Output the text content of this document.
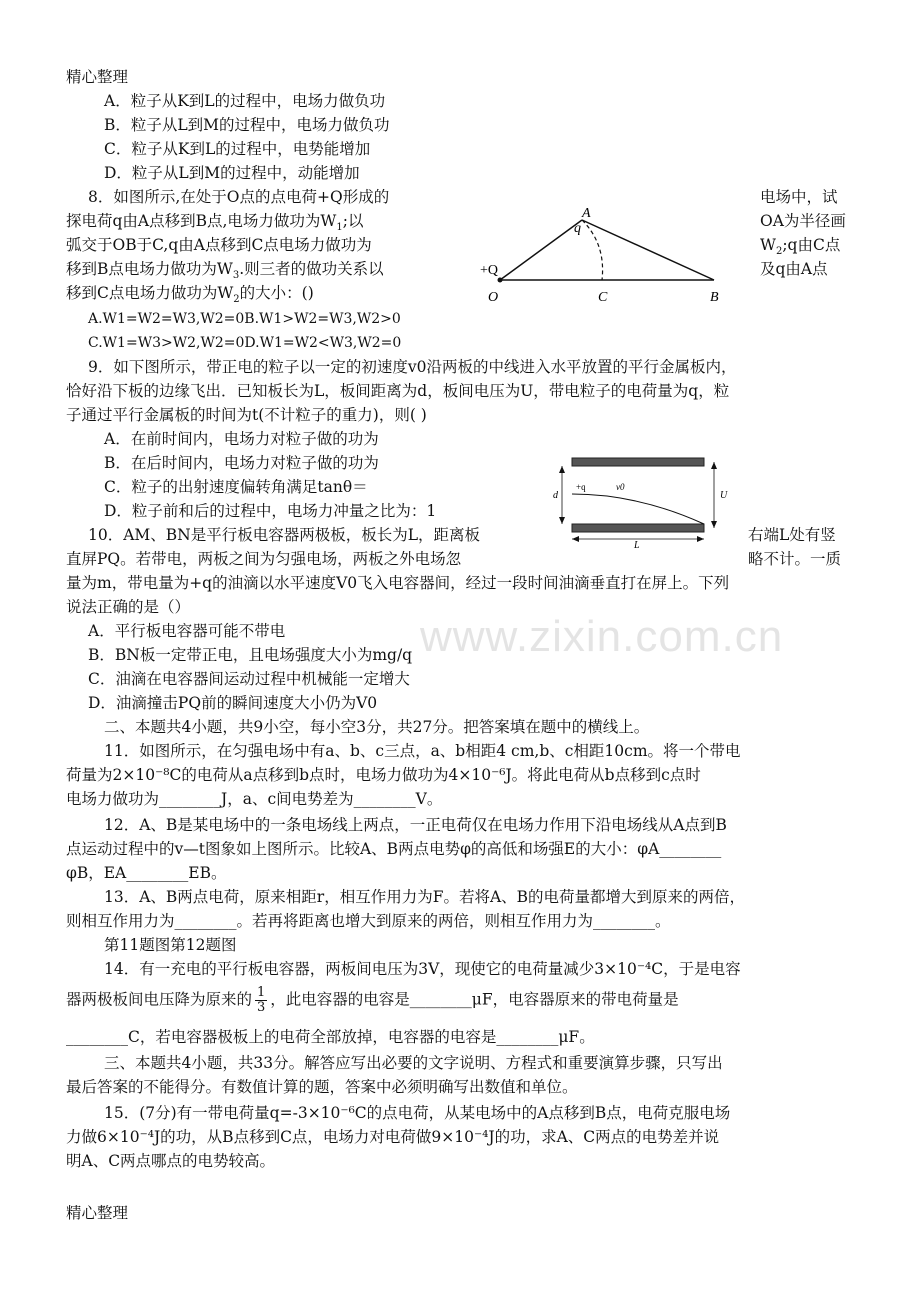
www.zixin.com.cn
精心整理
A．粒子从K到L的过程中，电场力做负功
B．粒子从L到M的过程中，电场力做负功
C．粒子从K到L的过程中，电势能增加
D．粒子从L到M的过程中，动能增加
8．如图所示,在处于O点的点电荷+Q形成的	电场中，试
探电荷q由A点移到B点,电场力做功为$W_1$;以	OA为半径画
弧交于OB于C,q由A点移到C点电场力做功为	$W_2;q$由C点
移到B点电场力做功为$W_3$.则三者的做功关系以	及q由A点
移到C点电场力做功为$W_2$的大小：()
A.W1=W2=W3,W2=0B.W1>W2=W3,W2>0
C.W1=W3>W2,W2=0D.W1=W2<W3,W2=0
q
A
+Q
O	C	B
9．如下图所示，带正电的粒子以一定的初速度v0沿两板的中线进入水平放置的平行金属板内，
恰好沿下板的边缘飞出．已知板长为L，板间距离为d，板间电压为U，带电粒子的电荷量为q，粒
子通过平行金属板的时间为t(不计粒子的重力)，则( )
A．在前时间内，电场力对粒子做的功为
B．在后时间内，电场力对粒子做的功为
C．粒子的出射速度偏转角满足tanθ＝
D．粒子前和后的过程中，电场力冲量之比为：1
d
+q	v0
U
L
10．AM、BN是平行板电容器两极板，板长为L，距离板	右端L处有竖
直屏PQ。若带电，两板之间为匀强电场，两板之外电场忽	略不计。一质
量为m，带电量为+q的油滴以水平速度V0飞入电容器间，经过一段时间油滴垂直打在屏上。下列
说法正确的是（）
A．平行板电容器可能不带电
B．BN板一定带正电，且电场强度大小为mg/q
C．油滴在电容器间运动过程中机械能一定增大
D．油滴撞击PQ前的瞬间速度大小仍为V0
二、本题共4小题，共9小空，每小空3分，共27分。把答案填在题中的横线上。
11．如图所示，在匀强电场中有a、b、c三点，a、b相距4 cm,b、c相距10cm。将一个带电
荷量为2×10⁻⁸C的电荷从a点移到b点时，电场力做功为4×10⁻⁶J。将此电荷从b点移到c点时
电场力做功为________J，a、c间电势差为________V。
12．A、B是某电场中的一条电场线上两点，一正电荷仅在电场力作用下沿电场线从A点到B
点运动过程中的v—t图象如上图所示。比较A、B两点电势φ的高低和场强E的大小：φA________
φB，EA________EB。
13．A、B两点电荷，原来相距r，相互作用力为F。若将A、B的电荷量都增大到原来的两倍，
则相互作用力为________。若再将距离也增大到原来的两倍，则相互作用力为________。
第11题图第12题图
14．有一充电的平行板电容器，两板间电压为3V，现使它的电荷量减少3×10⁻⁴C，于是电容
器两极板间电压降为原来的 $\frac{1}{3}$ ，此电容器的电容是________μF，电容器原来的带电荷量是
________C，若电容器极板上的电荷全部放掉，电容器的电容是________μF。
三、本题共4小题，共33分。解答应写出必要的文字说明、方程式和重要演算步骤，只写出
最后答案的不能得分。有数值计算的题，答案中必须明确写出数值和单位。
15．(7分)有一带电荷量q=-3×10⁻⁶C的点电荷，从某电场中的A点移到B点，电荷克服电场
力做6×10⁻⁴J的功，从B点移到C点，电场力对电荷做9×10⁻⁴J的功，求A、C两点的电势差并说
明A、C两点哪点的电势较高。
精心整理
